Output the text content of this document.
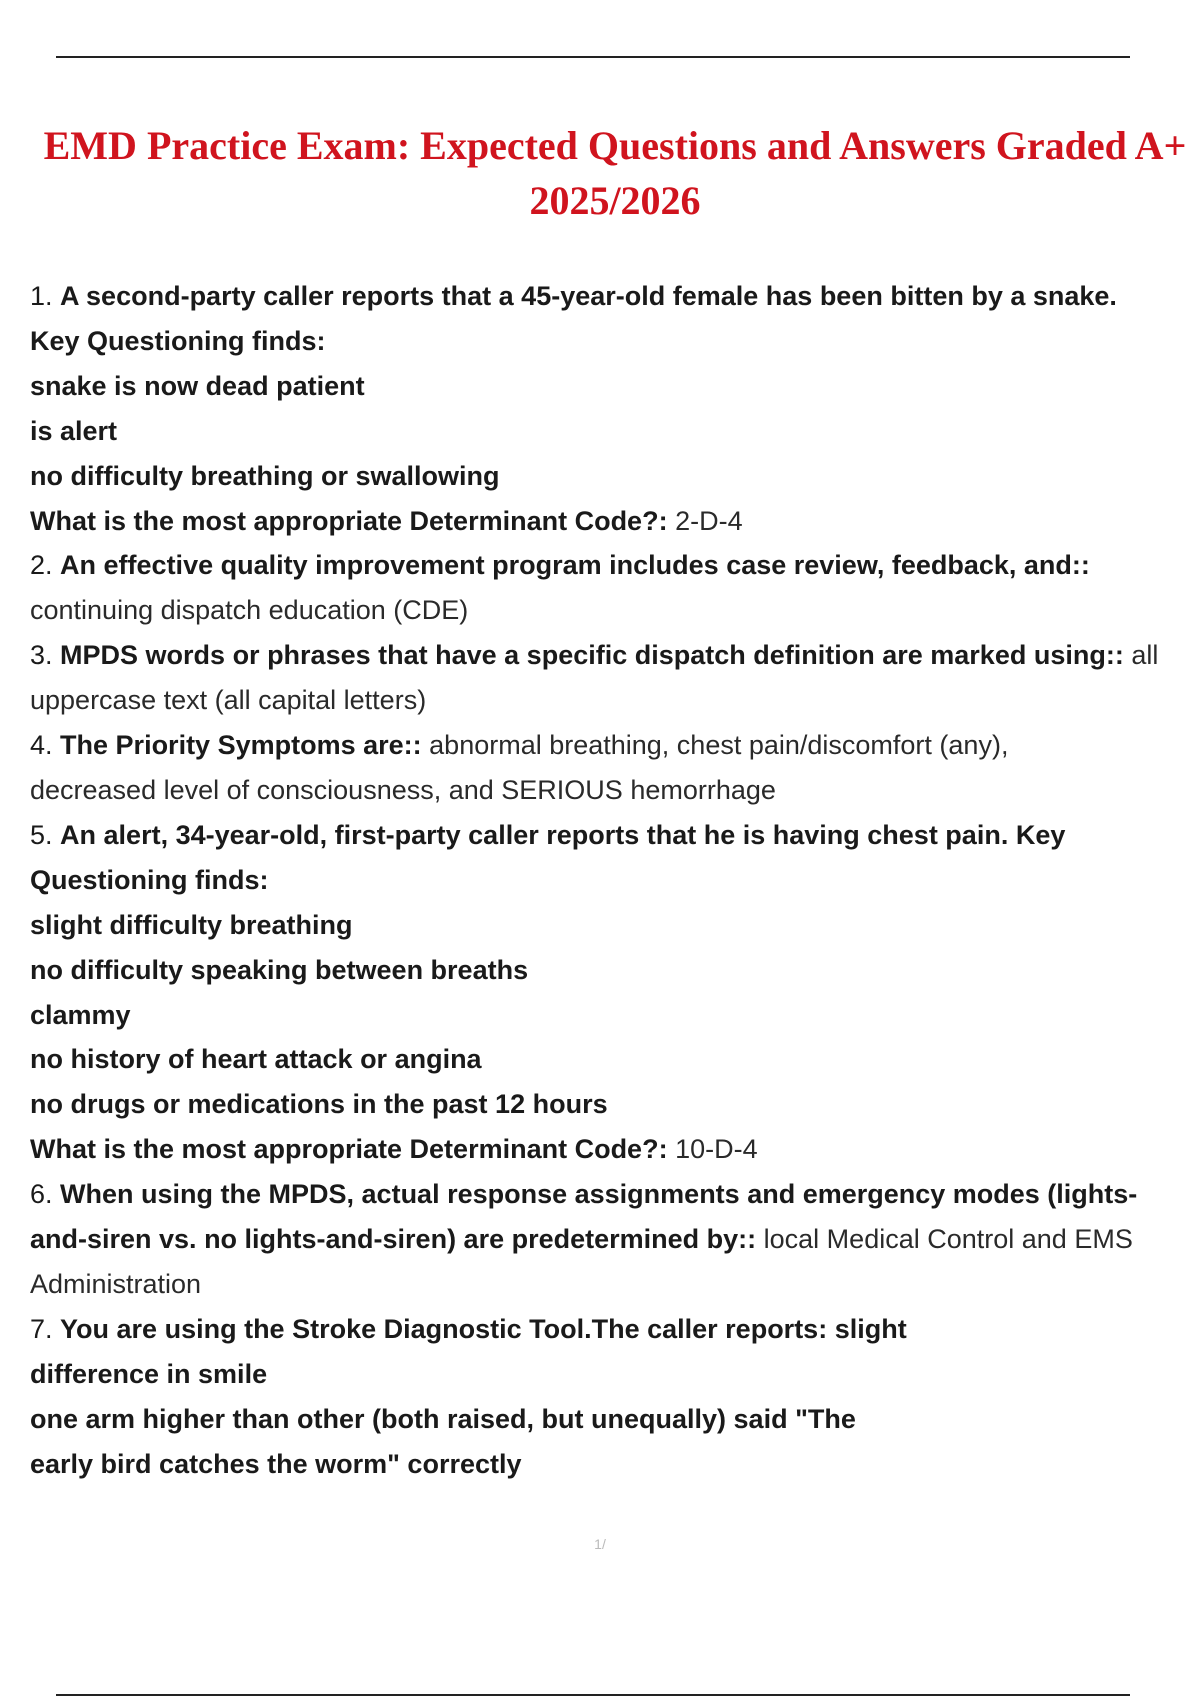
EMD Practice Exam: Expected Questions and Answers Graded A+
2025/2026

1. A second-party caller reports that a 45-year-old female has been bitten by a snake.

Key Questioning finds:

snake is now dead patient

is alert

no difficulty breathing or swallowing

What is the most appropriate Determinant Code?: 2-D-4

2. An effective quality improvement program includes case review, feedback, and::

continuing dispatch education (CDE)

3. MPDS words or phrases that have a specific dispatch definition are marked using:: all

uppercase text (all capital letters)

4. The Priority Symptoms are:: abnormal breathing, chest pain/discomfort (any),

decreased level of consciousness, and SERIOUS hemorrhage

5. An alert, 34-year-old, first-party caller reports that he is having chest pain. Key

Questioning finds:

slight difficulty breathing

no difficulty speaking between breaths

clammy

no history of heart attack or angina

no drugs or medications in the past 12 hours

What is the most appropriate Determinant Code?: 10-D-4

6. When using the MPDS, actual response assignments and emergency modes (lights-

and-siren vs. no lights-and-siren) are predetermined by:: local Medical Control and EMS

Administration

7. You are using the Stroke Diagnostic Tool.The caller reports: slight

difference in smile

one arm higher than other (both raised, but unequally) said "The

early bird catches the worm" correctly

1/
